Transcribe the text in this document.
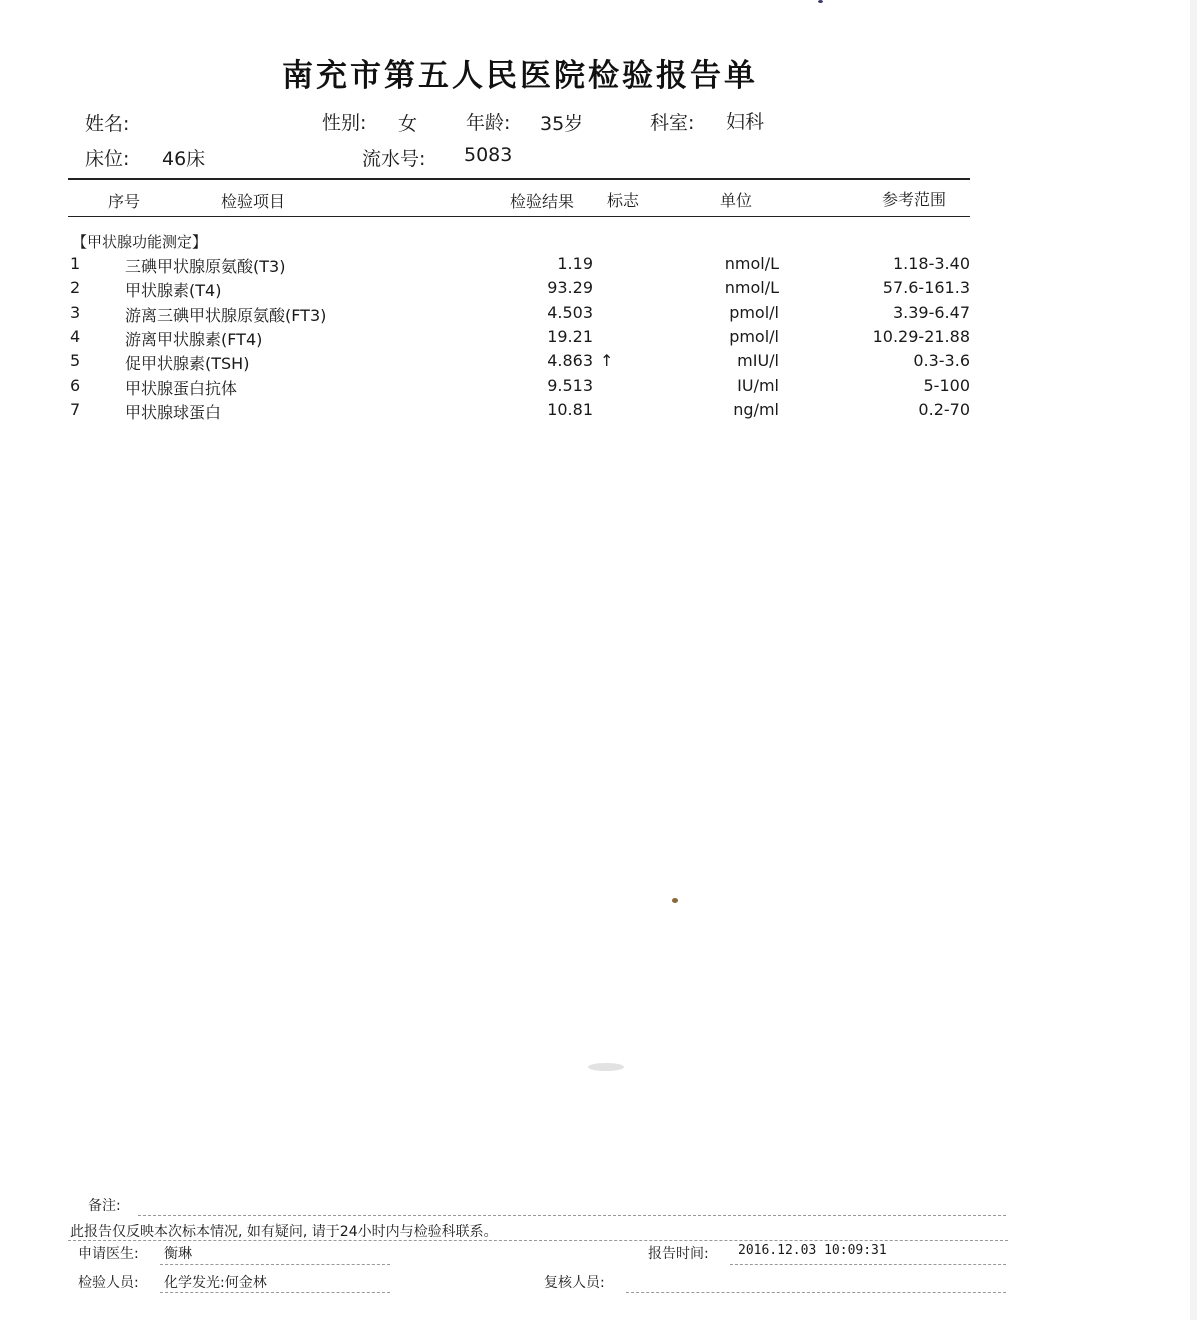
南充市第五人民医院检验报告单
姓名:	性别: 女	年龄: 35岁	科室: 妇科
床位: 46床	流水号: 5083
序号	检验项目	检验结果 标志	单位	参考范围
【甲状腺功能测定】
1	三碘甲状腺原氨酸(T3)	1.19	nmol/L	1.18-3.40
2	甲状腺素(T4)	93.29	nmol/L	57.6-161.3
3	游离三碘甲状腺原氨酸(FT3)	4.503	pmol/l	3.39-6.47
4	游离甲状腺素(FT4)	19.21	pmol/l	10.29-21.88
5	促甲状腺素(TSH)	4.863 ↑	mIU/l	0.3-3.6
6	甲状腺蛋白抗体	9.513	IU/ml	5-100
7	甲状腺球蛋白	10.81	ng/ml	0.2-70
备注:
此报告仅反映本次标本情况, 如有疑问, 请于24小时内与检验科联系。
申请医生: 衡琳	报告时间: 2016.12.03 10:09:31
检验人员: 化学发光:何金林	复核人员:
